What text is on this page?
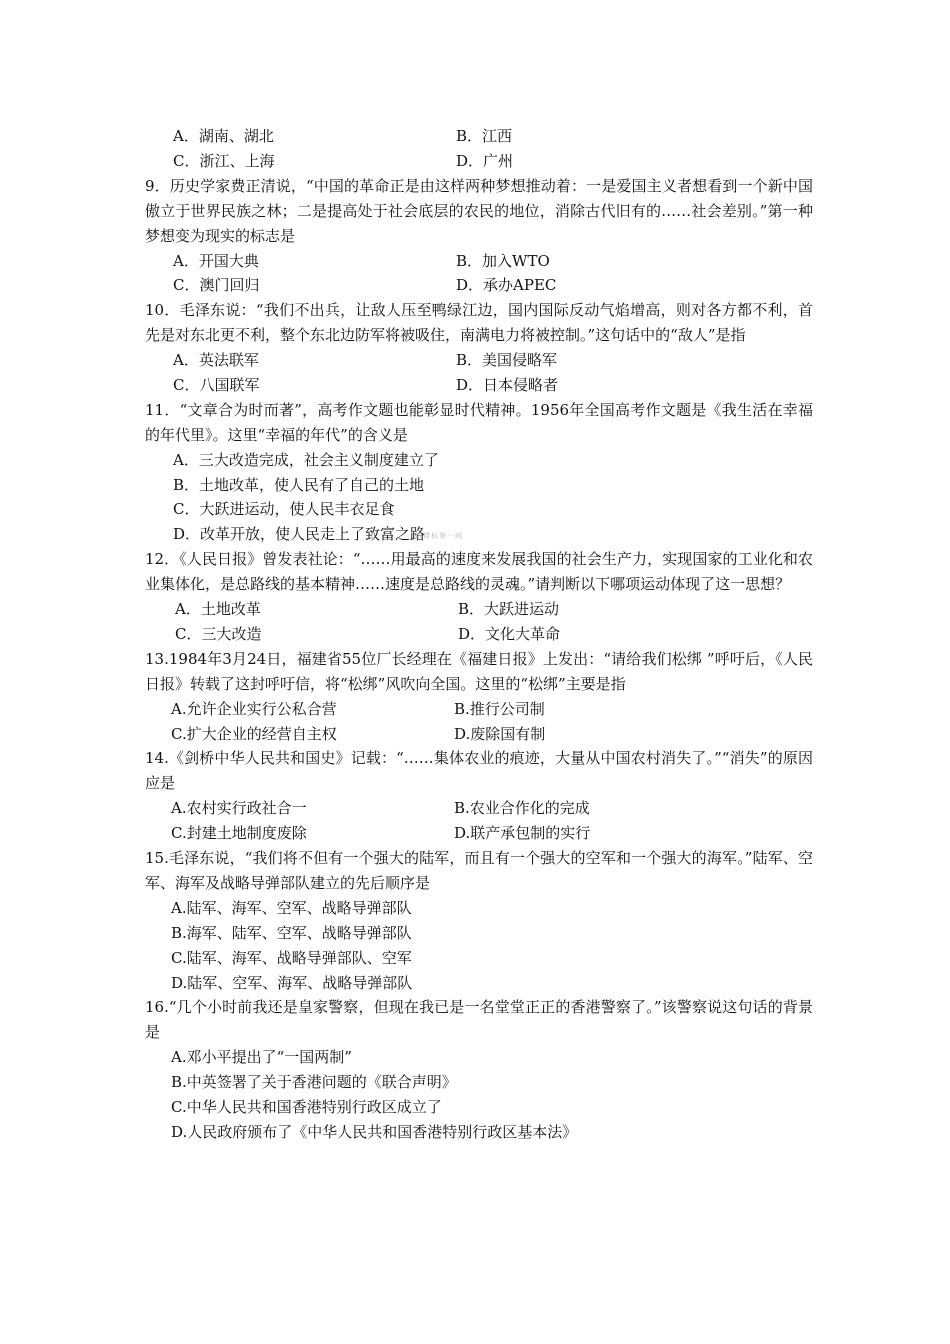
A．湖南、湖北	B．江西
C．浙江、上海	D．广州
9．历史学家费正清说，“中国的革命正是由这样两种梦想推动着：一是爱国主义者想看到一个新中国傲立于世界民族之林；二是提高处于社会底层的农民的地位，消除古代旧有的……社会差别。”第一种梦想变为现实的标志是
A．开国大典	B．加入WTO
C．澳门回归	D．承办APEC
10．毛泽东说：“我们不出兵，让敌人压至鸭绿江边，国内国际反动气焰增高，则对各方都不利，首先是对东北更不利，整个东北边防军将被吸住，南满电力将被控制。”这句话中的“敌人”是指
A．英法联军	B．美国侵略军
C．八国联军	D．日本侵略者
11．“文章合为时而著”，高考作文题也能彰显时代精神。1956年全国高考作文题是《我生活在幸福的年代里》。这里“幸福的年代”的含义是
A．三大改造完成，社会主义制度建立了
B．土地改革，使人民有了自己的土地
C．大跃进运动，使人民丰衣足食
D．改革开放，使人民走上了致富之路
12．《人民日报》曾发表社论：“……用最高的速度来发展我国的社会生产力，实现国家的工业化和农业集体化，是总路线的基本精神……速度是总路线的灵魂。”请判断以下哪项运动体现了这一思想？
A．土地改革	B．大跃进运动
C．三大改造	D．文化大革命
13.1984年3月24日，福建省55位厂长经理在《福建日报》上发出：“请给我们松绑 ”呼吁后，《人民日报》转载了这封呼吁信，将“松绑”风吹向全国。这里的“松绑”主要是指
A.允许企业实行公私合营	B.推行公司制
C.扩大企业的经营自主权	D.废除国有制
14.《剑桥中华人民共和国史》记载：“……集体农业的痕迹，大量从中国农村消失了。”“消失”的原因应是
A.农村实行政社合一	B.农业合作化的完成
C.封建土地制度废除	D.联产承包制的实行
15.毛泽东说，“我们将不但有一个强大的陆军，而且有一个强大的空军和一个强大的海军。”陆军、空军、海军及战略导弹部队建立的先后顺序是
A.陆军、海军、空军、战略导弹部队
B.海军、陆军、空军、战略导弹部队
C.陆军、海军、战略导弹部队、空军
D.陆军、空军、海军、战略导弹部队
16.“几个小时前我还是皇家警察，但现在我已是一名堂堂正正的香港警察了。”该警察说这句话的背景是
A.邓小平提出了“一国两制”
B.中英签署了关于香港问题的《联合声明》
C.中华人民共和国香港特别行政区成立了
D.人民政府颁布了《中华人民共和国香港特别行政区基本法》
新课标第一网
